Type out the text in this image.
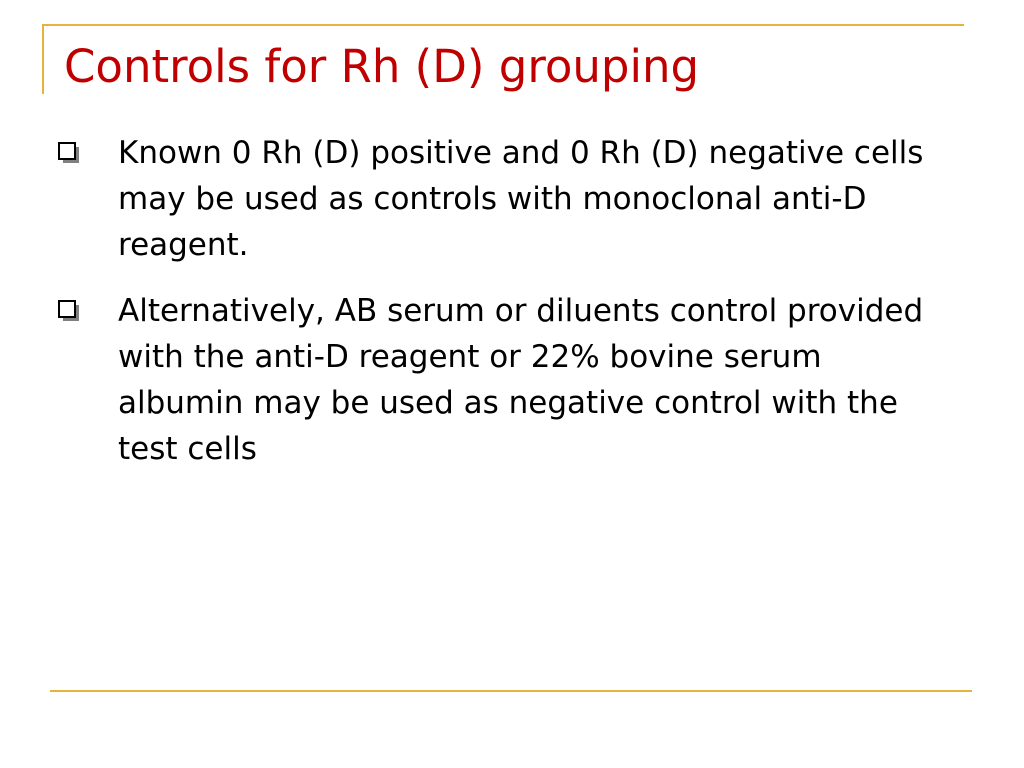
Controls for Rh (D) grouping
Known 0 Rh (D) positive and 0 Rh (D) negative cells may be used as controls with monoclonal anti-D reagent.
Alternatively, AB serum or diluents control provided with the anti-D reagent or 22% bovine serum albumin may be used as negative control with the test cells
